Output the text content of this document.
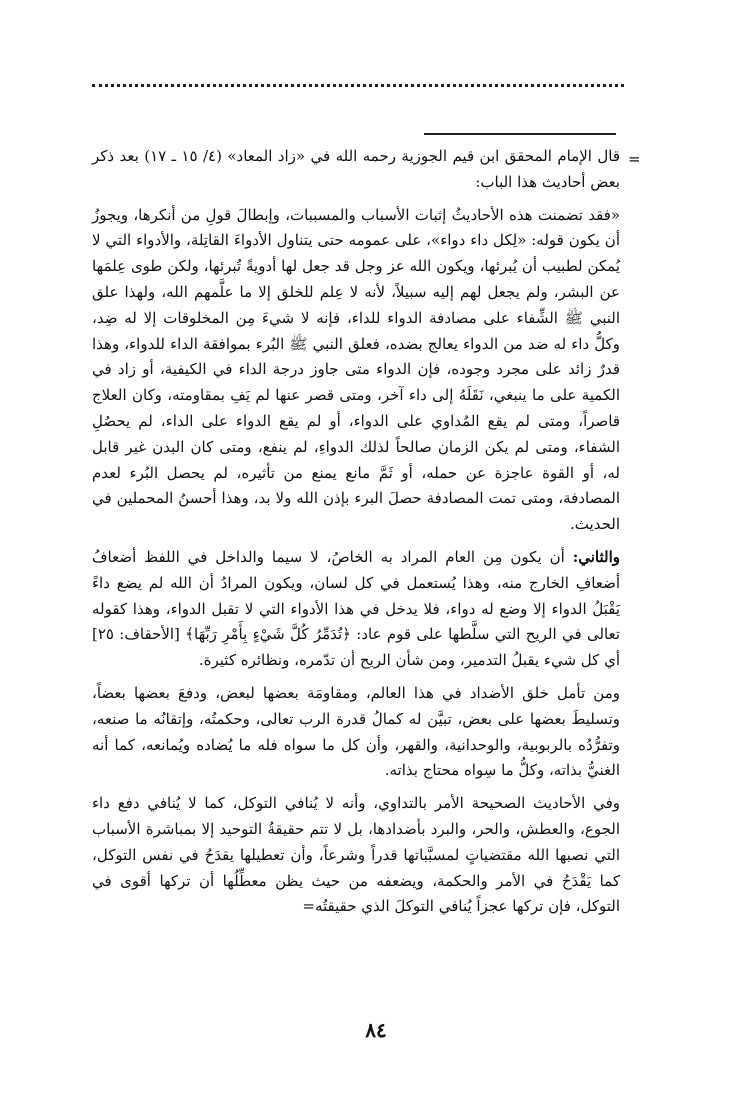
=

قال الإمام المحقق ابن قيم الجوزية رحمه الله في «زاد المعاد» (٤/ ١٥ ـ ١٧) بعد ذكر بعض أحاديث هذا الباب:

«فقد تضمنت هذه الأحاديثُ إثبات الأسباب والمسببات، وإبطالَ قولِ من أنكرها، ويجوزُ أن يكون قوله: «لِكل داء دواء»، على عمومه حتى يتناول الأدواءَ القاتِلة، والأدواء التي لا يُمكن لطبيب أن يُبرئها، ويكون الله عز وجل قد جعل لها أدويةً تُبرئها، ولكن طوى عِلمَها عن البشر، ولم يجعل لهم إليه سبيلاً، لأنه لا عِلم للخلق إلا ما علَّمهم الله، ولهذا علق النبي ﷺ الشِّفاء على مصادفة الدواء للداء، فإنه لا شيءَ مِن المخلوقات إلا له ضِد، وكلُّ داء له ضد من الدواء يعالج بضده، فعلق النبي ﷺ البُرء بموافقة الداء للدواء، وهذا قدرٌ زائد على مجرد وجوده، فإن الدواء متى جاوز درجة الداء في الكيفية، أو زاد في الكمية على ما ينبغي، نَقَلَهُ إلى داء آخر، ومتى قصر عنها لم يَفِ بمقاومته، وكان العلاج قاصراً، ومتى لم يقع المُداوي على الدواء، أو لم يقع الدواء على الداء، لم يحصُلِ الشفاء، ومتى لم يكن الزمان صالحاً لذلك الدواءِ، لم ينفع، ومتى كان البدن غير قابل له، أو القوة عاجزة عن حمله، أو ثَمَّ مانع يمنع من تأثيره، لم يحصل البُرء لعدم المصادفة، ومتى تمت المصادفة حصلَ البرء بإذن الله ولا بد، وهذا أحسنُ المحملين في الحديث.

والثاني: أن يكون مِن العام المراد به الخاصُ، لا سيما والداخل في اللفظ أضعافُ أضعافِ الخارج منه، وهذا يُستعمل في كل لسان، ويكون المرادُ أن الله لم يضع داءً يَقْبَلُ الدواء إلا وضع له دواء، فلا يدخل في هذا الأدواء التي لا تقبل الدواء، وهذا كقوله تعالى في الريح التي سلَّطها على قوم عاد: ﴿تُدَمِّرُ كُلَّ شَيْءٍ بِأَمْرِ رَبِّهَا﴾ [الأحقاف: ٢٥] أي كل شيء يقبلُ التدمير، ومن شأن الريح أن تدّمره، ونظائره كثيرة.

ومن تأمل خلق الأضداد في هذا العالم، ومقاومَة بعضها لبعض، ودفعَ بعضها بعضاً، وتسليطَ بعضها على بعض، تبيَّن له كمالُ قدرة الرب تعالى، وحكمتُه، وإتقانُه ما صنعه، وتفرُّدُه بالربوبية، والوحدانية، والقهر، وأن كل ما سواه فله ما يُضاده ويُمانعه، كما أنه الغنيُّ بذاته، وكلُّ ما سِواه محتاج بذاته.

وفي الأحاديث الصحيحة الأمر بالتداوي، وأنه لا يُنافي التوكل، كما لا يُنافي دفع داء الجوع، والعطش، والحر، والبرد بأضدادها، بل لا تتم حقيقةُ التوحيد إلا بمباشرة الأسباب التي نصبها الله مقتضياتٍ لمسبَّباتها قدراً وشرعاً، وأن تعطيلها يقدَحُ في نفس التوكل، كما يَقْدَحُ في الأمر والحكمة، ويضعفه من حيث يظن معطِّلُها أن تركها أقوى في التوكل، فإن تركها عجزاً يُنافي التوكلَ الذي حقيقتُه=

٨٤
